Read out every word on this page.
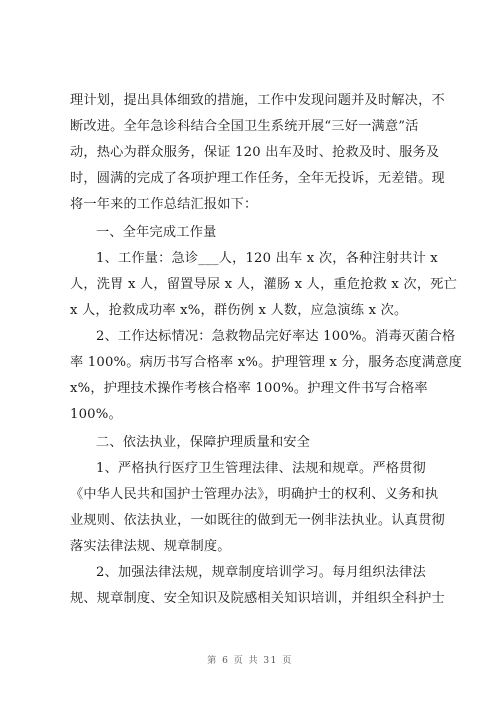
理计划，提出具体细致的措施，工作中发现问题并及时解决，不
断改进。全年急诊科结合全国卫生系统开展“三好一满意”活
动，热心为群众服务，保证 120 出车及时、抢救及时、服务及
时，圆满的完成了各项护理工作任务，全年无投诉，无差错。现
将一年来的工作总结汇报如下：
一、全年完成工作量
1、工作量：急诊___人，120 出车 x 次，各种注射共计 x
人，洗胃 x 人，留置导尿 x 人，灌肠 x 人，重危抢救 x 次，死亡
x 人，抢救成功率 x%，群伤例 x 人数，应急演练 x 次。
2、工作达标情况：急救物品完好率达 100%。消毒灭菌合格
率 100%。病历书写合格率 x%。护理管理 x 分，服务态度满意度
x%，护理技术操作考核合格率 100%。护理文件书写合格率
100%。
二、依法执业，保障护理质量和安全
1、严格执行医疗卫生管理法律、法规和规章。严格贯彻
《中华人民共和国护士管理办法》，明确护士的权利、义务和执
业规则、依法执业，一如既往的做到无一例非法执业。认真贯彻
落实法律法规、规章制度。
2、加强法律法规，规章制度培训学习。每月组织法律法
规、规章制度、安全知识及院感相关知识培训，并组织全科护士
第 6 页 共 31 页
